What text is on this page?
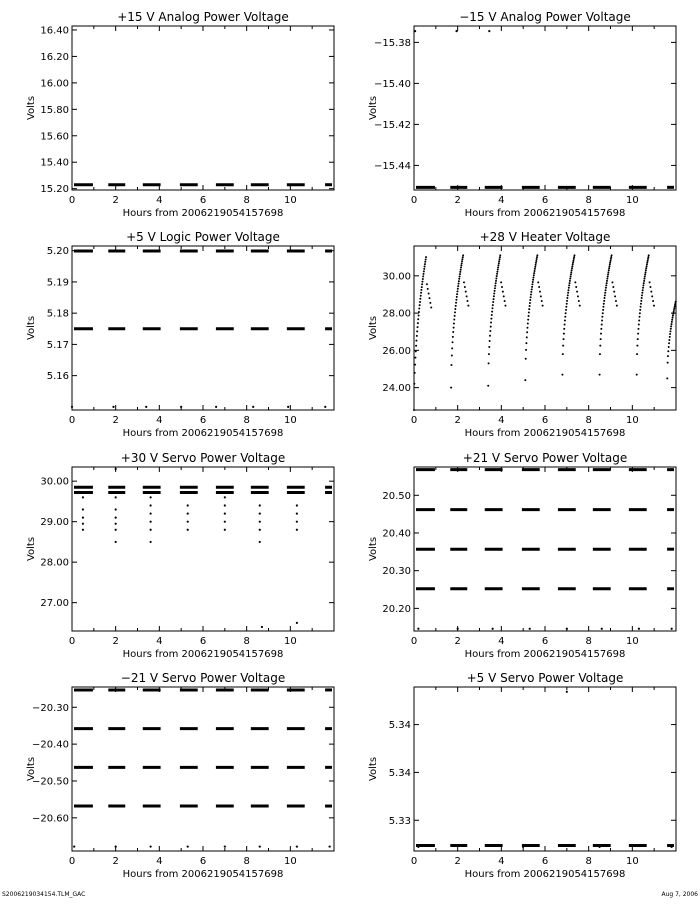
+15 V Analog Power Voltage
0	2	4	6	8	10
15.20
15.40
15.60
15.80
16.00
16.20
16.40
Hours from 2006219054157698
Volts
−15 V Analog Power Voltage
0	2	4	6	8	10
−15.44
−15.42
−15.40
−15.38
Hours from 2006219054157698
Volts
+5 V Logic Power Voltage
0	2	4	6	8	10
5.16
5.17
5.18
5.19
5.20
Hours from 2006219054157698
Volts
+28 V Heater Voltage
0	2	4	6	8	10
24.00
26.00
28.00
30.00
Hours from 2006219054157698
Volts
+30 V Servo Power Voltage
0	2	4	6	8	10
27.00
28.00
29.00
30.00
Hours from 2006219054157698
Volts
+21 V Servo Power Voltage
0	2	4	6	8	10
20.20
20.30
20.40
20.50
Hours from 2006219054157698
Volts
−21 V Servo Power Voltage
0	2	4	6	8	10
−20.60
−20.50
−20.40
−20.30
Hours from 2006219054157698
Volts
+5 V Servo Power Voltage
0	2	4	6	8	10
5.33
5.34
5.34
Hours from 2006219054157698
Volts
S2006219034154.TLM_GAC	Aug 7, 2006
